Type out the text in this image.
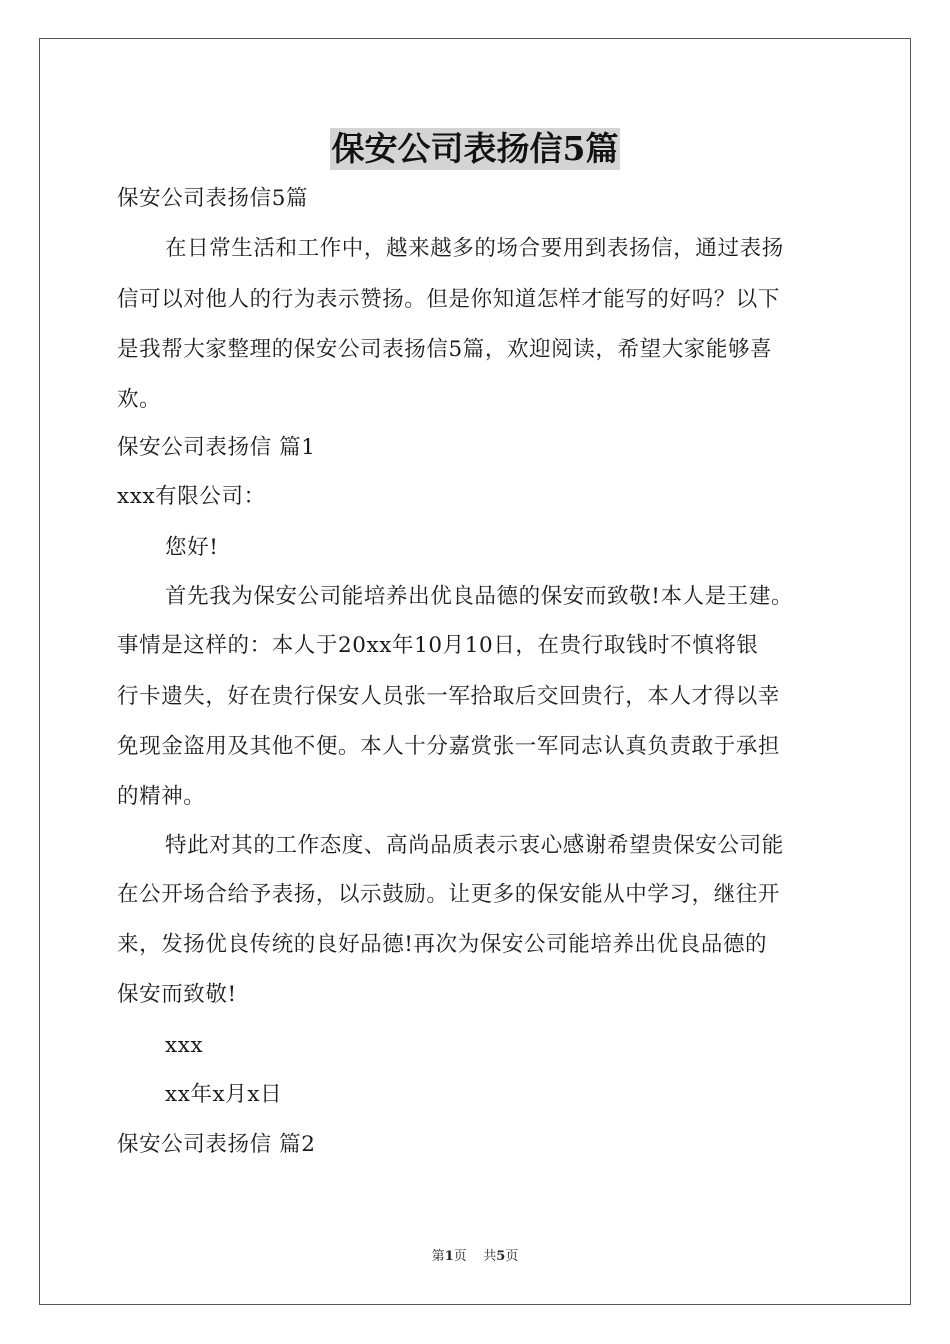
保安公司表扬信5篇
保安公司表扬信5篇
在日常生活和工作中，越来越多的场合要用到表扬信，通过表扬
信可以对他人的行为表示赞扬。但是你知道怎样才能写的好吗？以下
是我帮大家整理的保安公司表扬信5篇，欢迎阅读，希望大家能够喜
欢。
保安公司表扬信 篇1
xxx有限公司：
您好!
首先我为保安公司能培养出优良品德的保安而致敬!本人是王建。
事情是这样的：本人于20xx年10月10日，在贵行取钱时不慎将银
行卡遗失，好在贵行保安人员张一军拾取后交回贵行，本人才得以幸
免现金盗用及其他不便。本人十分嘉赏张一军同志认真负责敢于承担
的精神。
特此对其的工作态度、高尚品质表示衷心感谢希望贵保安公司能
在公开场合给予表扬，以示鼓励。让更多的保安能从中学习，继往开
来，发扬优良传统的良好品德!再次为保安公司能培养出优良品德的
保安而致敬!
xxx
xx年x月x日
保安公司表扬信 篇2
第1页    共5页
